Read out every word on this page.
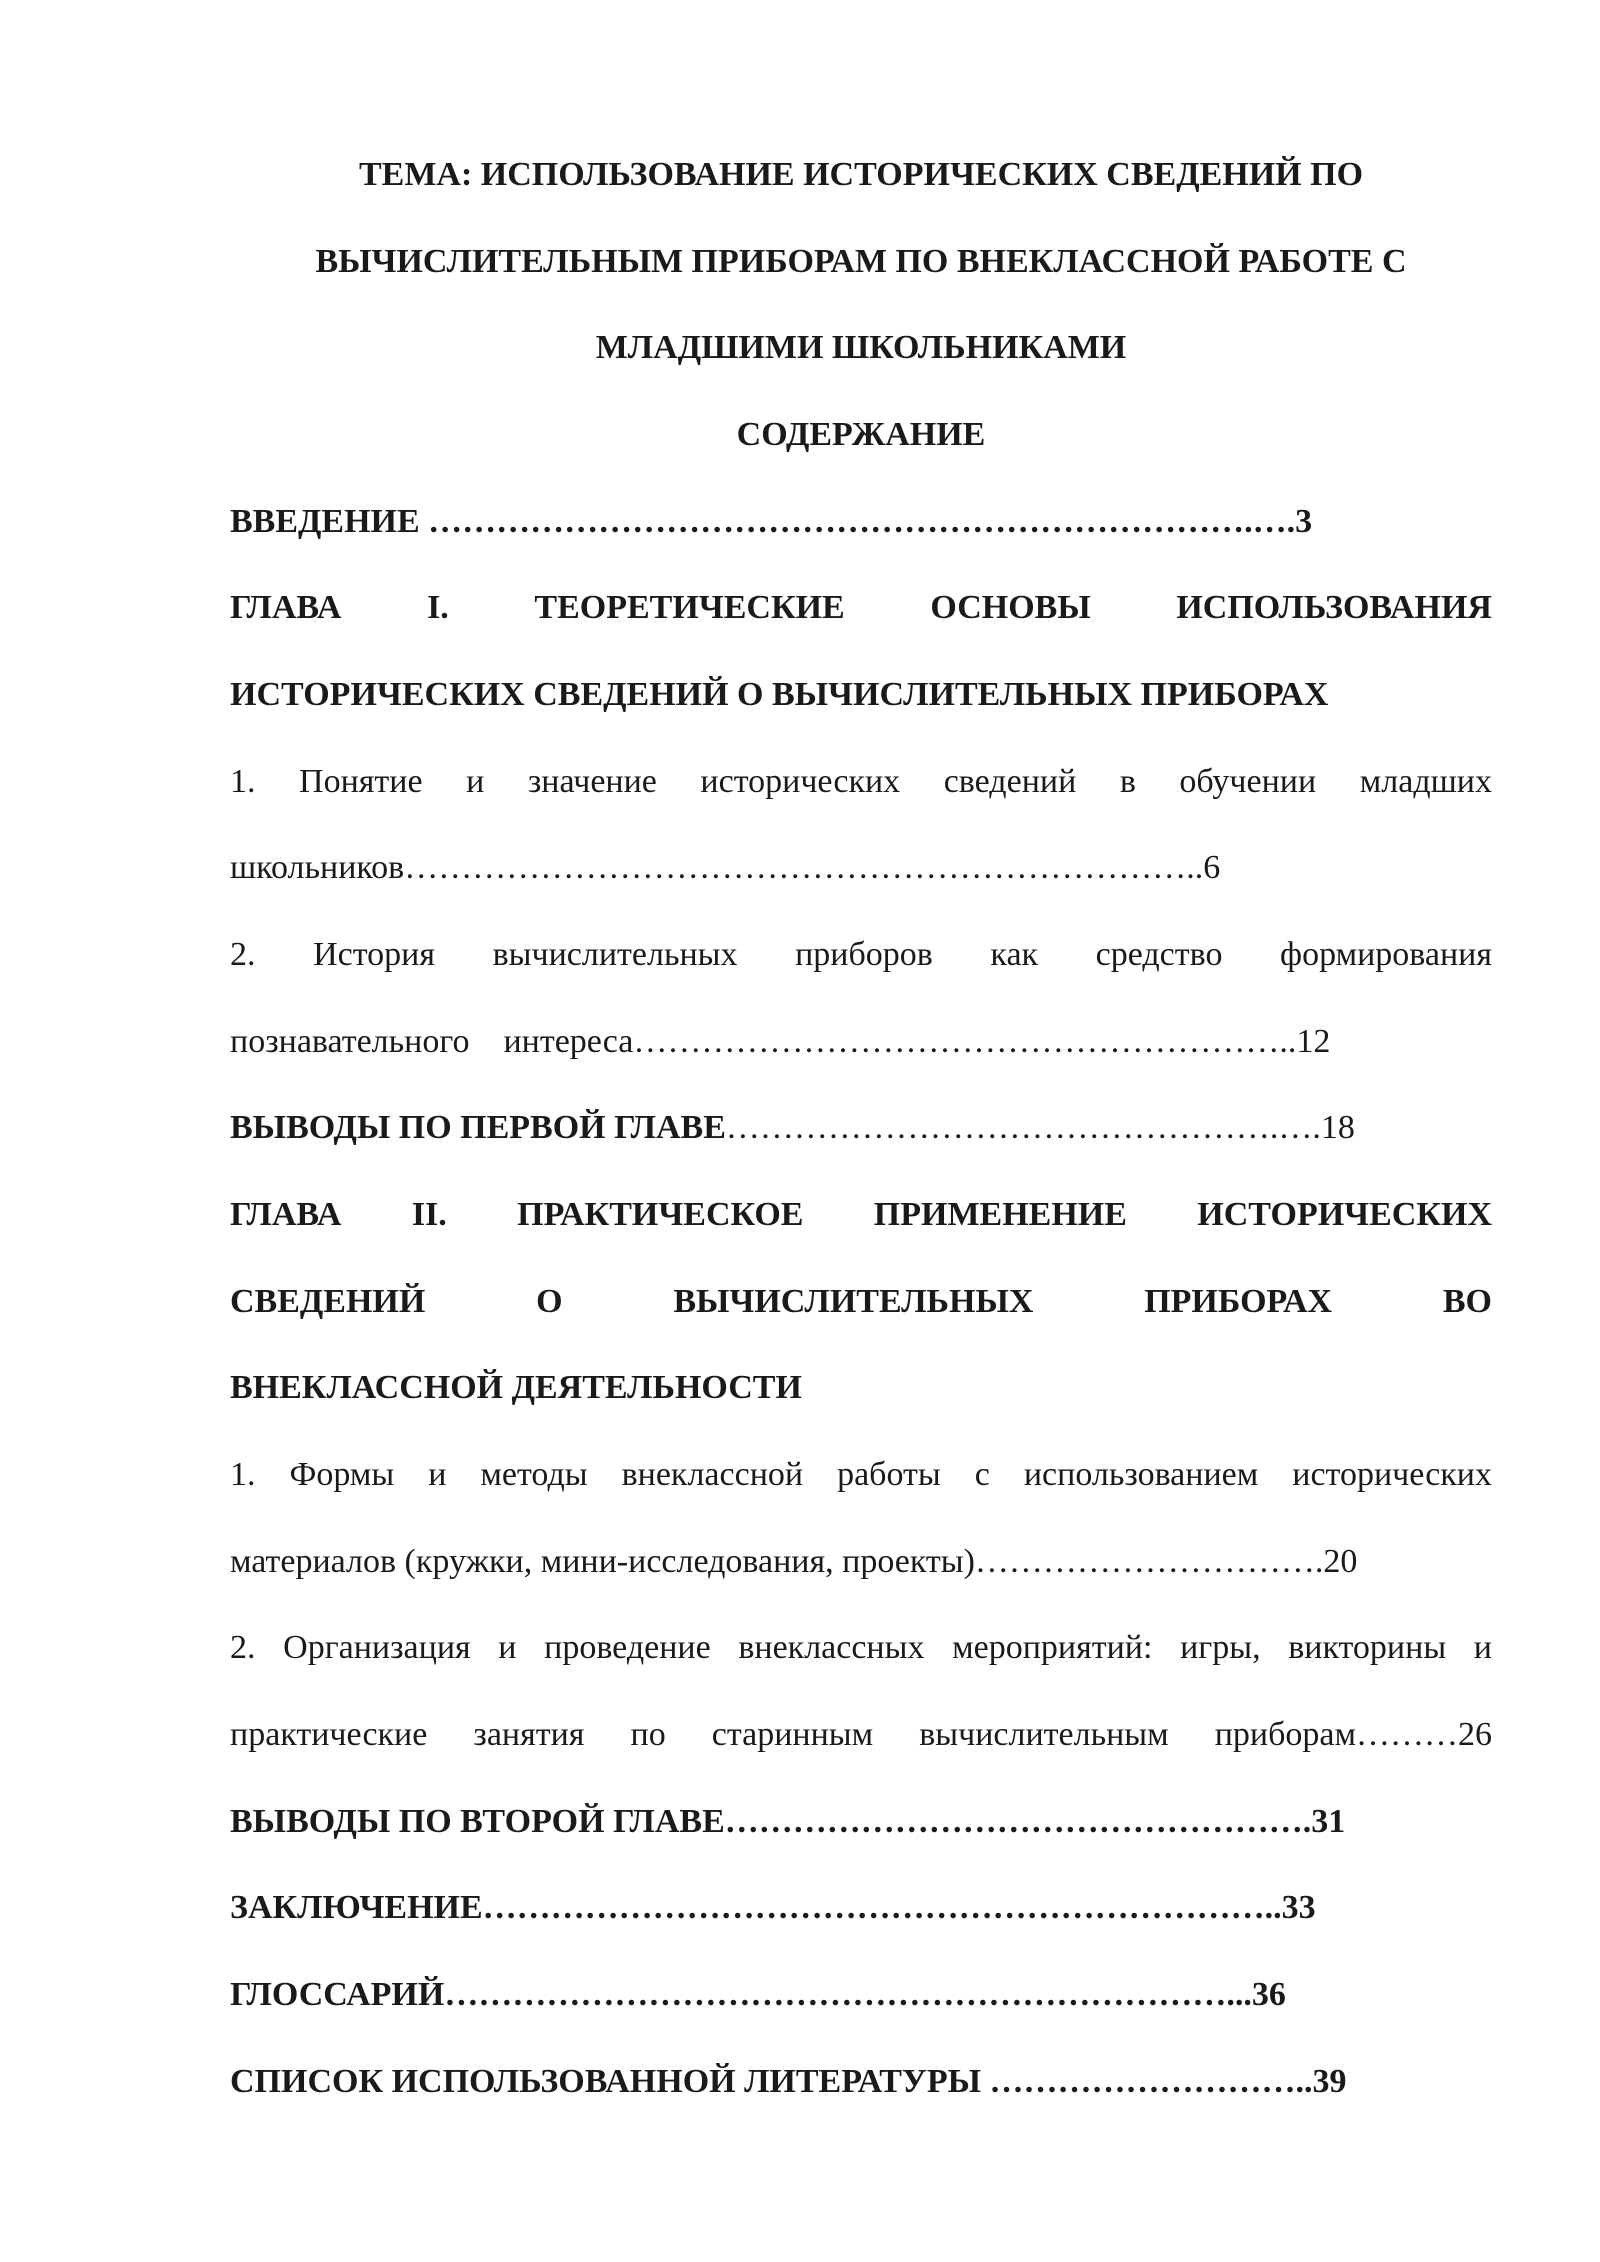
ТЕМА: ИСПОЛЬЗОВАНИЕ ИСТОРИЧЕСКИХ СВЕДЕНИЙ ПО
ВЫЧИСЛИТЕЛЬНЫМ ПРИБОРАМ ПО ВНЕКЛАССНОЙ РАБОТЕ С
МЛАДШИМИ ШКОЛЬНИКАМИ
СОДЕРЖАНИЕ
ВВЕДЕНИЕ ……………………………………………………………….….3
ГЛАВА	I.	ТЕОРЕТИЧЕСКИЕ	ОСНОВЫ	ИСПОЛЬЗОВАНИЯ
ИСТОРИЧЕСКИХ СВЕДЕНИЙ О ВЫЧИСЛИТЕЛЬНЫХ ПРИБОРАХ
1. Понятие и значение исторических сведений в обучении младших
школьников……………………………………………………………..6
2. История вычислительных приборов как средство формирования
познавательного интереса…………………………………………………..12
ВЫВОДЫ ПО ПЕРВОЙ ГЛАВЕ………………………………………….….18
ГЛАВА II. ПРАКТИЧЕСКОЕ ПРИМЕНЕНИЕ ИСТОРИЧЕСКИХ
СВЕДЕНИЙ	О	ВЫЧИСЛИТЕЛЬНЫХ	ПРИБОРАХ	ВО
ВНЕКЛАССНОЙ ДЕЯТЕЛЬНОСТИ
1. Формы и методы внеклассной работы с использованием исторических
материалов (кружки, мини-исследования, проекты)………………………….20
2. Организация и проведение внеклассных мероприятий: игры, викторины и
практические занятия по старинным вычислительным приборам………26
ВЫВОДЫ ПО ВТОРОЙ ГЛАВЕ…………………………………………….31
ЗАКЛЮЧЕНИЕ……………………………………………………………..33
ГЛОССАРИЙ……………………………………………………………...36
СПИСОК ИСПОЛЬЗОВАННОЙ ЛИТЕРАТУРЫ ………………………..39
